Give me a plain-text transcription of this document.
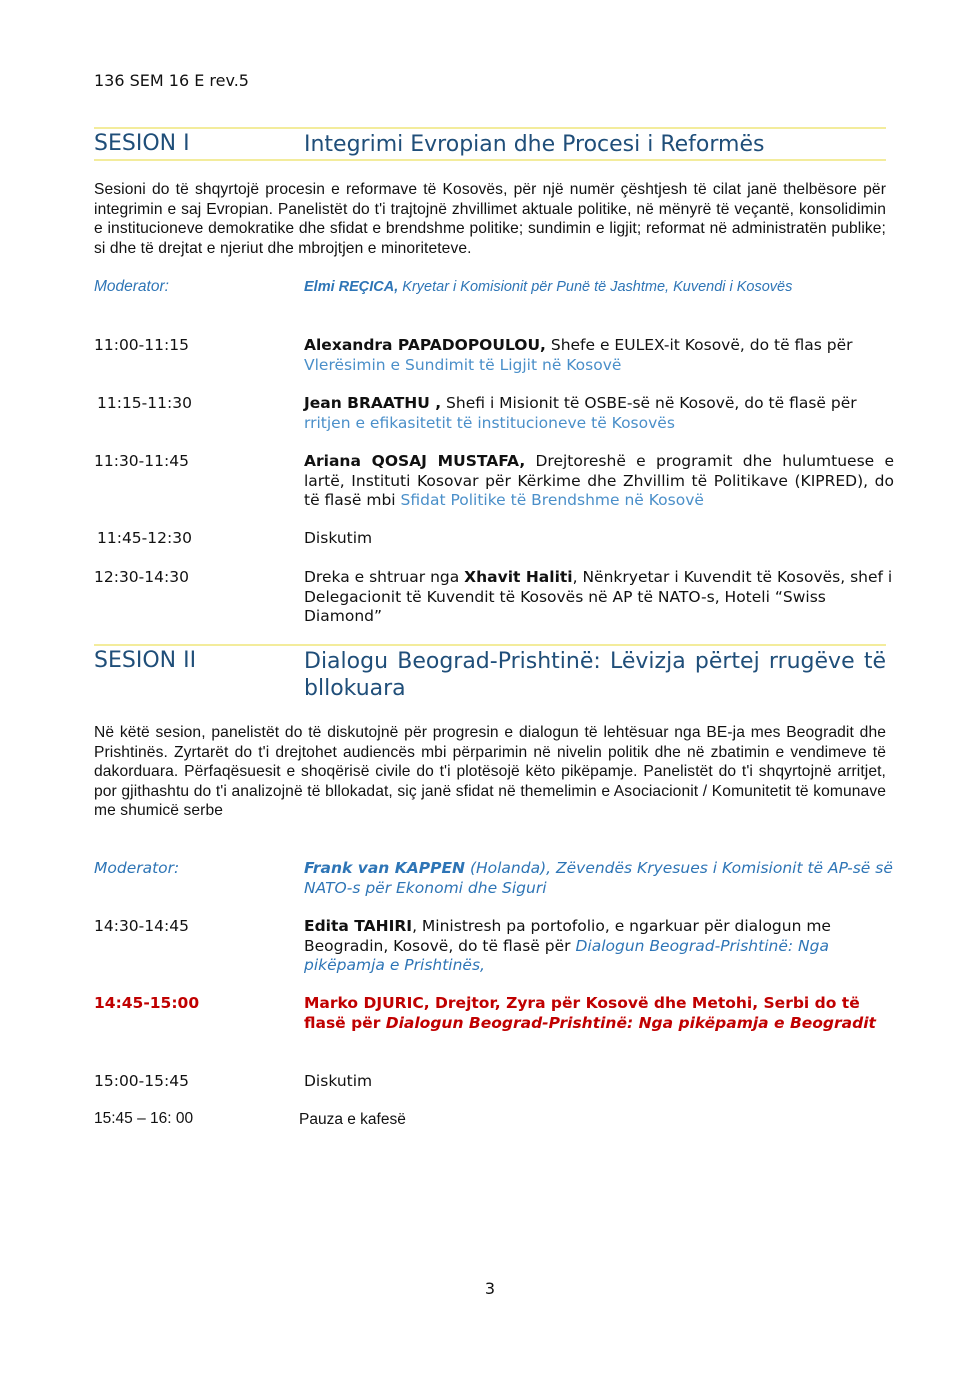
136 SEM 16 E rev.5
SESION I	Integrimi Evropian dhe Procesi i Reformës
Sesioni do të shqyrtojë procesin e reformave të Kosovës, për një numër çështjesh të cilat janë thelbësore për integrimin e saj Evropian. Panelistët do t'i trajtojnë zhvillimet aktuale politike, në mënyrë të veçantë, konsolidimin e institucioneve demokratike dhe sfidat e brendshme politike; sundimin e ligjit; reformat në administratën publike; si dhe të drejtat e njeriut dhe mbrojtjen e minoriteteve.
Moderator:	Elmi REÇICA, Kryetar i Komisionit për Punë të Jashtme, Kuvendi i Kosovës
11:00-11:15	Alexandra PAPADOPOULOU, Shefe e EULEX-it Kosovë, do të flas për Vlerësimin e Sundimit të Ligjit në Kosovë
11:15-11:30	Jean BRAATHU , Shefi i Misionit të OSBE-së në Kosovë, do të flasë për rritjen e efikasitetit të institucioneve të Kosovës
11:30-11:45	Ariana QOSAJ MUSTAFA, Drejtoreshë e programit dhe hulumtuese e lartë, Instituti Kosovar për Kërkime dhe Zhvillim të Politikave (KIPRED), do të flasë mbi Sfidat Politike të Brendshme në Kosovë
11:45-12:30	Diskutim
12:30-14:30	Dreka e shtruar nga Xhavit Haliti, Nënkryetar i Kuvendit të Kosovës, shef i Delegacionit të Kuvendit të Kosovës në AP të NATO-s, Hoteli “Swiss Diamond”
SESION II	Dialogu Beograd-Prishtinë: Lëvizja përtej rrugëve të bllokuara
Në këtë sesion, panelistët do të diskutojnë për progresin e dialogun të lehtësuar nga BE-ja mes Beogradit dhe Prishtinës. Zyrtarët do t'i drejtohet audiencës mbi përparimin në nivelin politik dhe në zbatimin e vendimeve të dakorduara. Përfaqësuesit e shoqërisë civile do t'i plotësojë këto pikëpamje. Panelistët do t'i shqyrtojnë arritjet, por gjithashtu do t'i analizojnë të bllokadat, siç janë sfidat në themelimin e Asociacionit / Komunitetit të komunave me shumicë serbe
Moderator:	Frank van KAPPEN (Holanda), Zëvendës Kryesues i Komisionit të AP-së së NATO-s për Ekonomi dhe Siguri
14:30-14:45	Edita TAHIRI, Ministresh pa portofolio, e ngarkuar për dialogun me Beogradin, Kosovë, do të flasë për Dialogun Beograd-Prishtinë: Nga pikëpamja e Prishtinës,
14:45-15:00	Marko DJURIC, Drejtor, Zyra për Kosovë dhe Metohi, Serbi do të flasë për Dialogun Beograd-Prishtinë: Nga pikëpamja e Beogradit
15:00-15:45	Diskutim
15:45 – 16: 00	Pauza e kafesë
3
